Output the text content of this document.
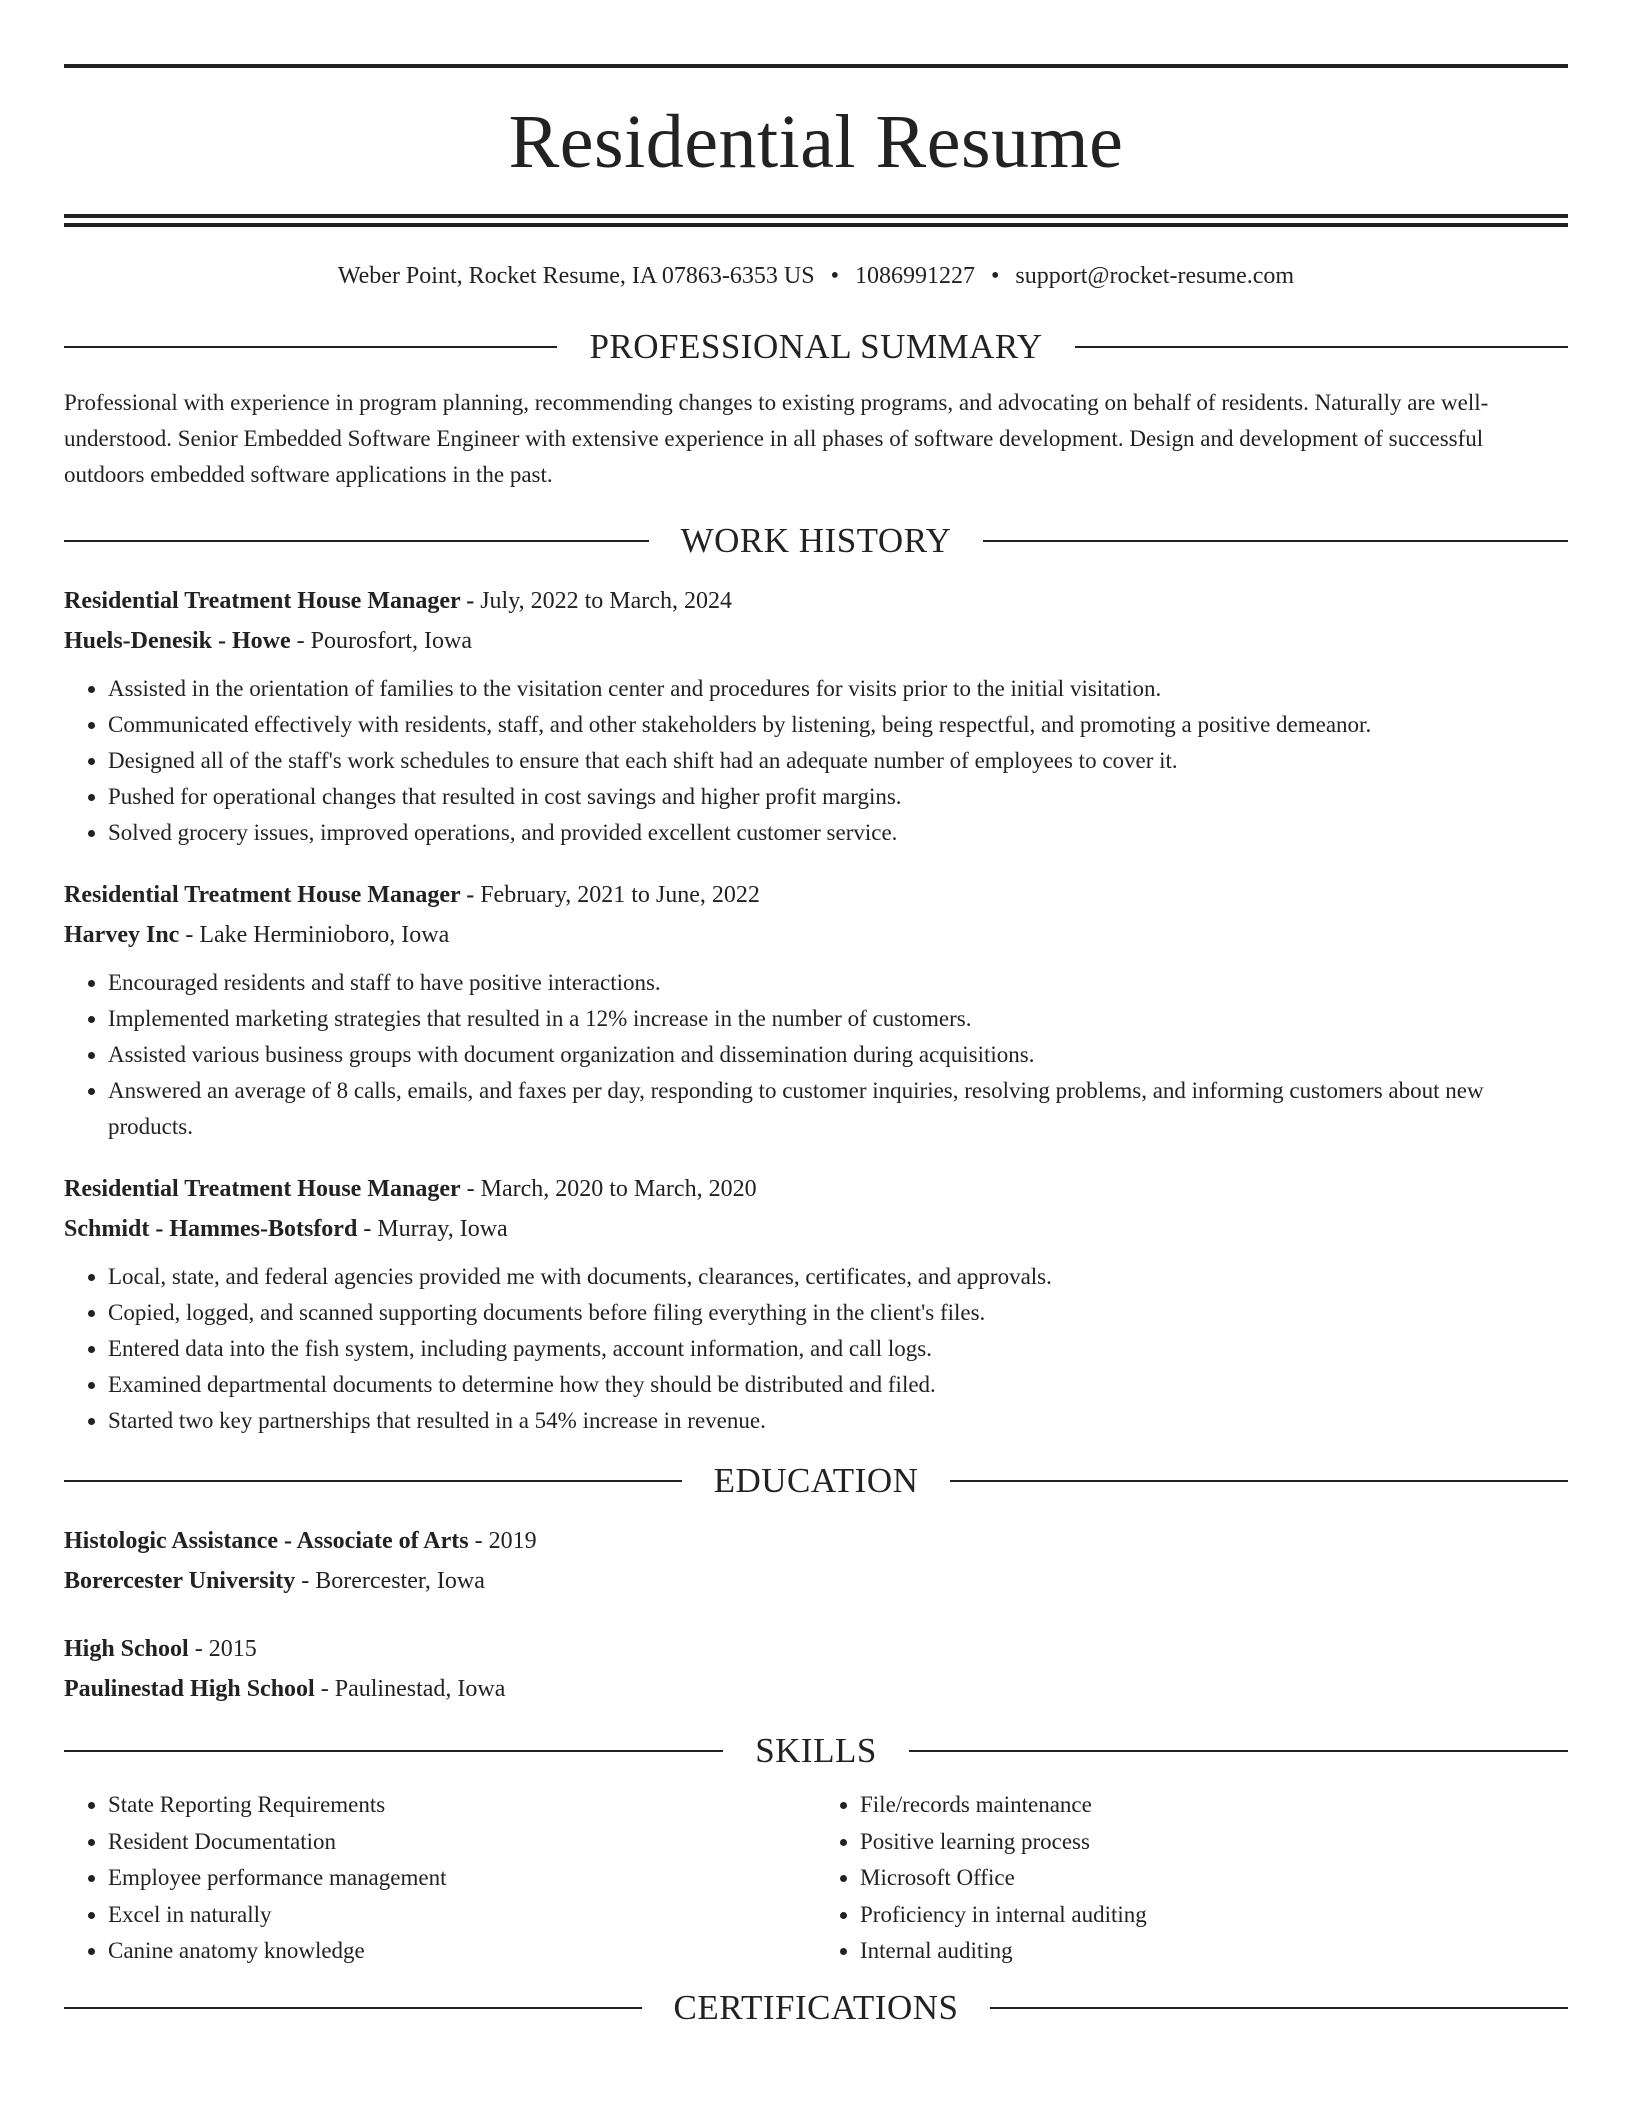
Residential Resume
Weber Point, Rocket Resume, IA 07863-6353 US • 1086991227 • support@rocket-resume.com
PROFESSIONAL SUMMARY

Professional with experience in program planning, recommending changes to existing programs, and advocating on behalf of residents. Naturally are well-understood. Senior Embedded Software Engineer with extensive experience in all phases of software development. Design and development of successful outdoors embedded software applications in the past.

WORK HISTORY
Residential Treatment House Manager - July, 2022 to March, 2024
Huels-Denesik - Howe - Pourosfort, Iowa
• Assisted in the orientation of families to the visitation center and procedures for visits prior to the initial visitation.
• Communicated effectively with residents, staff, and other stakeholders by listening, being respectful, and promoting a positive demeanor.
• Designed all of the staff's work schedules to ensure that each shift had an adequate number of employees to cover it.
• Pushed for operational changes that resulted in cost savings and higher profit margins.
• Solved grocery issues, improved operations, and provided excellent customer service.
Residential Treatment House Manager - February, 2021 to June, 2022
Harvey Inc - Lake Herminioboro, Iowa
• Encouraged residents and staff to have positive interactions.
• Implemented marketing strategies that resulted in a 12% increase in the number of customers.
• Assisted various business groups with document organization and dissemination during acquisitions.
• Answered an average of 8 calls, emails, and faxes per day, responding to customer inquiries, resolving problems, and informing customers about new products.
Residential Treatment House Manager - March, 2020 to March, 2020
Schmidt - Hammes-Botsford - Murray, Iowa
• Local, state, and federal agencies provided me with documents, clearances, certificates, and approvals.
• Copied, logged, and scanned supporting documents before filing everything in the client's files.
• Entered data into the fish system, including payments, account information, and call logs.
• Examined departmental documents to determine how they should be distributed and filed.
• Started two key partnerships that resulted in a 54% increase in revenue.
EDUCATION
Histologic Assistance - Associate of Arts - 2019
Borercester University - Borercester, Iowa
High School - 2015
Paulinestad High School - Paulinestad, Iowa
SKILLS
• State Reporting Requirements
• Resident Documentation
• Employee performance management
• Excel in naturally
• Canine anatomy knowledge
• File/records maintenance
• Positive learning process
• Microsoft Office
• Proficiency in internal auditing
• Internal auditing
CERTIFICATIONS
